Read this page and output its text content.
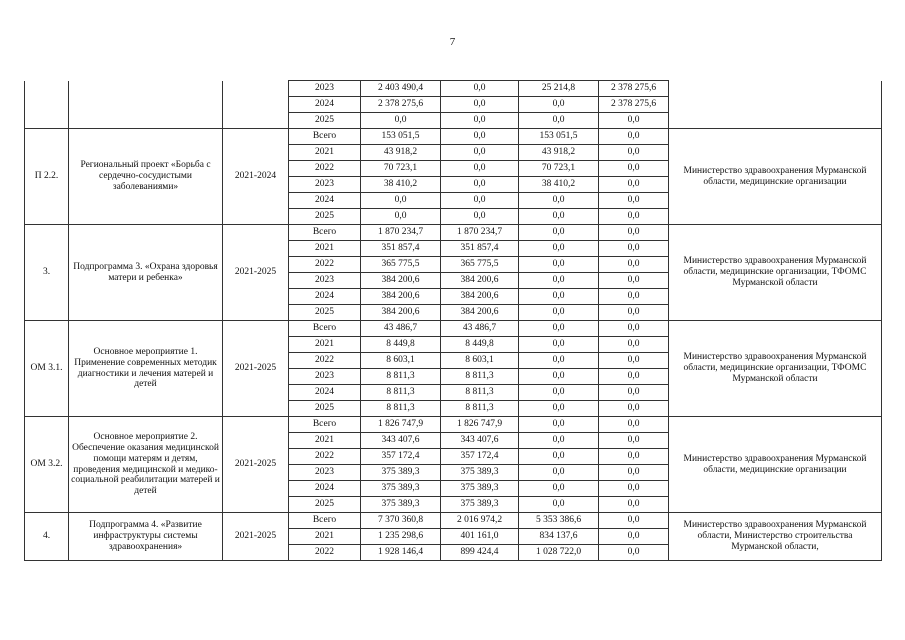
7
			2023	2 403 490,4	0,0	25 214,8	2 378 275,6	
			2024	2 378 275,6	0,0	0,0	2 378 275,6	
			2025	0,0	0,0	0,0	0,0	
П 2.2.	Региональный проект «Борьба с сердечно-сосудистыми заболеваниями»	2021-2024	Всего	153 051,5	0,0	153 051,5	0,0	Министерство здравоохранения Мурманской области, медицинские организации
			2021	43 918,2	0,0	43 918,2	0,0	
			2022	70 723,1	0,0	70 723,1	0,0	
			2023	38 410,2	0,0	38 410,2	0,0	
			2024	0,0	0,0	0,0	0,0	
			2025	0,0	0,0	0,0	0,0	
3.	Подпрограмма 3. «Охрана здоровья матери и ребенка»	2021-2025	Всего	1 870 234,7	1 870 234,7	0,0	0,0	Министерство здравоохранения Мурманской области, медицинские организации, ТФОМС Мурманской области
			2021	351 857,4	351 857,4	0,0	0,0	
			2022	365 775,5	365 775,5	0,0	0,0	
			2023	384 200,6	384 200,6	0,0	0,0	
			2024	384 200,6	384 200,6	0,0	0,0	
			2025	384 200,6	384 200,6	0,0	0,0	
ОМ 3.1.	Основное мероприятие 1. Применение современных методик диагностики и лечения матерей и детей	2021-2025	Всего	43 486,7	43 486,7	0,0	0,0	Министерство здравоохранения Мурманской области, медицинские организации, ТФОМС Мурманской области
			2021	8 449,8	8 449,8	0,0	0,0	
			2022	8 603,1	8 603,1	0,0	0,0	
			2023	8 811,3	8 811,3	0,0	0,0	
			2024	8 811,3	8 811,3	0,0	0,0	
			2025	8 811,3	8 811,3	0,0	0,0	
ОМ 3.2.	Основное мероприятие 2. Обеспечение оказания медицинской помощи матерям и детям, проведения медицинской и медико-социальной реабилитации матерей и детей	2021-2025	Всего	1 826 747,9	1 826 747,9	0,0	0,0	Министерство здравоохранения Мурманской области, медицинские организации
			2021	343 407,6	343 407,6	0,0	0,0	
			2022	357 172,4	357 172,4	0,0	0,0	
			2023	375 389,3	375 389,3	0,0	0,0	
			2024	375 389,3	375 389,3	0,0	0,0	
			2025	375 389,3	375 389,3	0,0	0,0	
4.	Подпрограмма 4. «Развитие инфраструктуры системы здравоохранения»	2021-2025	Всего	7 370 360,8	2 016 974,2	5 353 386,6	0,0	Министерство здравоохранения Мурманской области, Министерство строительства Мурманской области,
			2021	1 235 298,6	401 161,0	834 137,6	0,0	
			2022	1 928 146,4	899 424,4	1 028 722,0	0,0	
